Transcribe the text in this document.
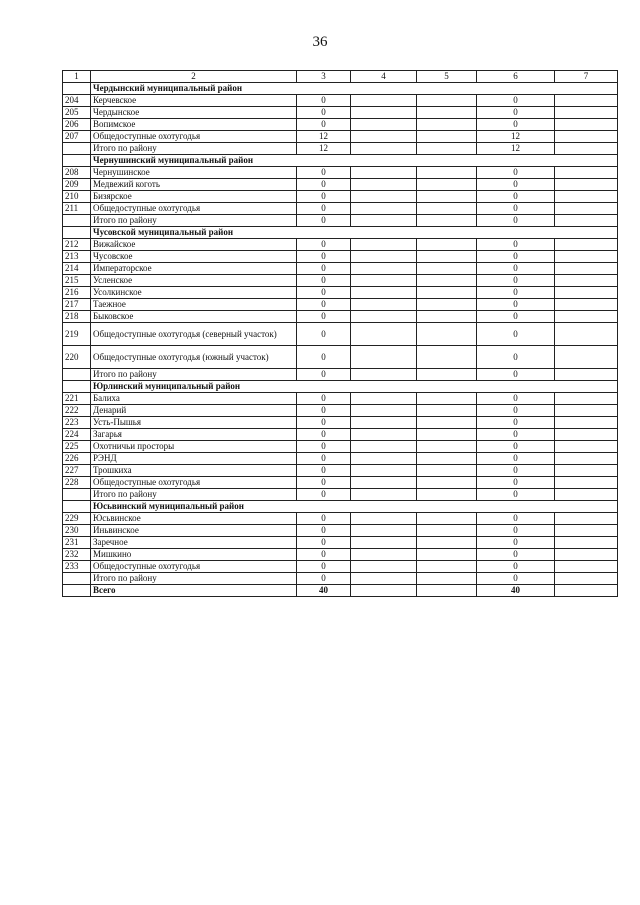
36
1	2	3	4	5	6	7
	Чердынский муниципальный район					
204	Керчевское	0			0	
205	Чердынское	0			0	
206	Вопимское	0			0	
207	Общедоступные охотугодья	12			12	
	Итого по району	12			12	
	Чернушинский муниципальный район					
208	Чернушинское	0			0	
209	Медвежий коготь	0			0	
210	Бизярское	0			0	
211	Общедоступные охотугодья	0			0	
	Итого по району	0			0	
	Чусовской муниципальный район					
212	Вижайское	0			0	
213	Чусовское	0			0	
214	Императорское	0			0	
215	Усленское	0			0	
216	Усолкинское	0			0	
217	Таежное	0			0	
218	Быковское	0			0	
219	Общедоступные охотугодья (северный участок)	0			0	
220	Общедоступные охотугодья (южный участок)	0			0	
	Итого по району	0			0	
	Юрлинский муниципальный район					
221	Балиха	0			0	
222	Денарий	0			0	
223	Усть-Пышья	0			0	
224	Загарья	0			0	
225	Охотничьи просторы	0			0	
226	РЭНД	0			0	
227	Трошкиха	0			0	
228	Общедоступные охотугодья	0			0	
	Итого по району	0			0	
	Юсьвинский муниципальный район					
229	Юсьвинское	0			0	
230	Иньвинское	0			0	
231	Заречное	0			0	
232	Мишкино	0			0	
233	Общедоступные охотугодья	0			0	
	Итого по району	0			0	
	Всего	40			40	
